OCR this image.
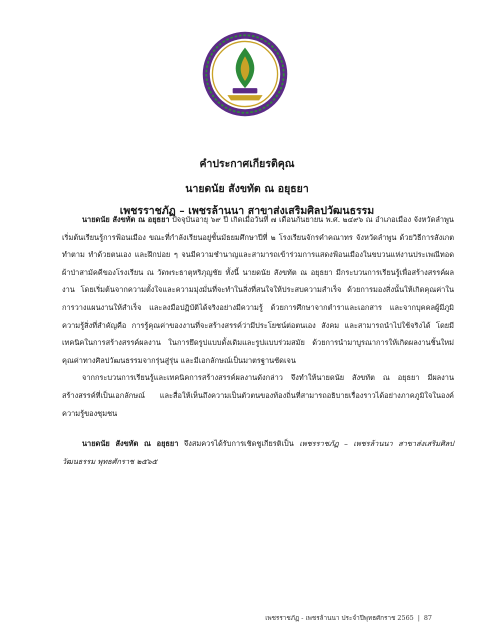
คำประกาศเกียรติคุณ
นายดนัย สังขทัต ณ อยุธยา
เพชรราชภัฏ – เพชรล้านนา สาขาส่งเสริมศิลปวัฒนธรรม

นายดนัย สังขทัต ณ อยุธยา ปัจจุบันอายุ ๖๙ ปี เกิดเมื่อวันที่ ๗ เดือนกันยายน พ.ศ. ๒๔๙๖ ณ อำเภอเมือง จังหวัดลำพูน เริ่มต้นเรียนรู้การฟ้อนเมือง ขณะที่กำลังเรียนอยู่ชั้นมัธยมศึกษาปีที่ ๒ โรงเรียนจักรคำคณาทร จังหวัดลำพูน ด้วยวิธีการสังเกต ทำตาม ทำด้วยตนเอง และฝึกบ่อย ๆ จนมีความชำนาญและสามารถเข้าร่วมการแสดงฟ้อนเมืองในขบวนแห่งานประเพณีทอดผ้าป่าสามัคคีของโรงเรียน ณ วัดพระธาตุหริภุญชัย ทั้งนี้ นายดนัย สังขทัต ณ อยุธยา มีกระบวนการเรียนรู้เพื่อสร้างสรรค์ผลงาน โดยเริ่มต้นจากความตั้งใจและความมุ่งมั่นที่จะทำในสิ่งที่สนใจให้ประสบความสำเร็จ ด้วยการมองสิ่งนั้นให้เกิดคุณค่าในการวางแผนงานให้สำเร็จ และลงมือปฏิบัติได้จริงอย่างมีความรู้ ด้วยการศึกษาจากตำราและเอกสาร และจากบุคคลผู้มีภูมิความรู้สิ่งที่สำคัญคือ การรู้คุณค่าของงานที่จะสร้างสรรค์ว่ามีประโยชน์ต่อตนเอง สังคม และสามารถนำไปใช้จริงได้ โดยมีเทคนิคในการสร้างสรรค์ผลงาน ในการยึดรูปแบบดั้งเดิมและรูปแบบร่วมสมัย ด้วยการนำมาบูรณาการให้เกิดผลงานชิ้นใหม่คุณค่าทางศิลปวัฒนธรรมจากรุ่นสู่รุ่น และมีเอกลักษณ์เป็นมาตรฐานชัดเจน

จากกระบวนการเรียนรู้และเทคนิคการสร้างสรรค์ผลงานดังกล่าว จึงทำให้นายดนัย สังขทัต ณ อยุธยา มีผลงานสร้างสรรค์ที่เป็นเอกลักษณ์ และสื่อให้เห็นถึงความเป็นตัวตนของท้องถิ่นที่สามารถอธิบายเรื่องราวได้อย่างภาคภูมิใจในองค์ความรู้ของชุมชน

นายดนัย สังขทัต ณ อยุธยา จึงสมควรได้รับการเชิดชูเกียรติเป็น เพชรราชภัฏ – เพชรล้านนา สาขาส่งเสริมศิลปวัฒนธรรม พุทธศักราช ๒๕๖๕

เพชรราชภัฏ - เพชรล้านนา ประจำปีพุทธศักราช 2565 | 87
